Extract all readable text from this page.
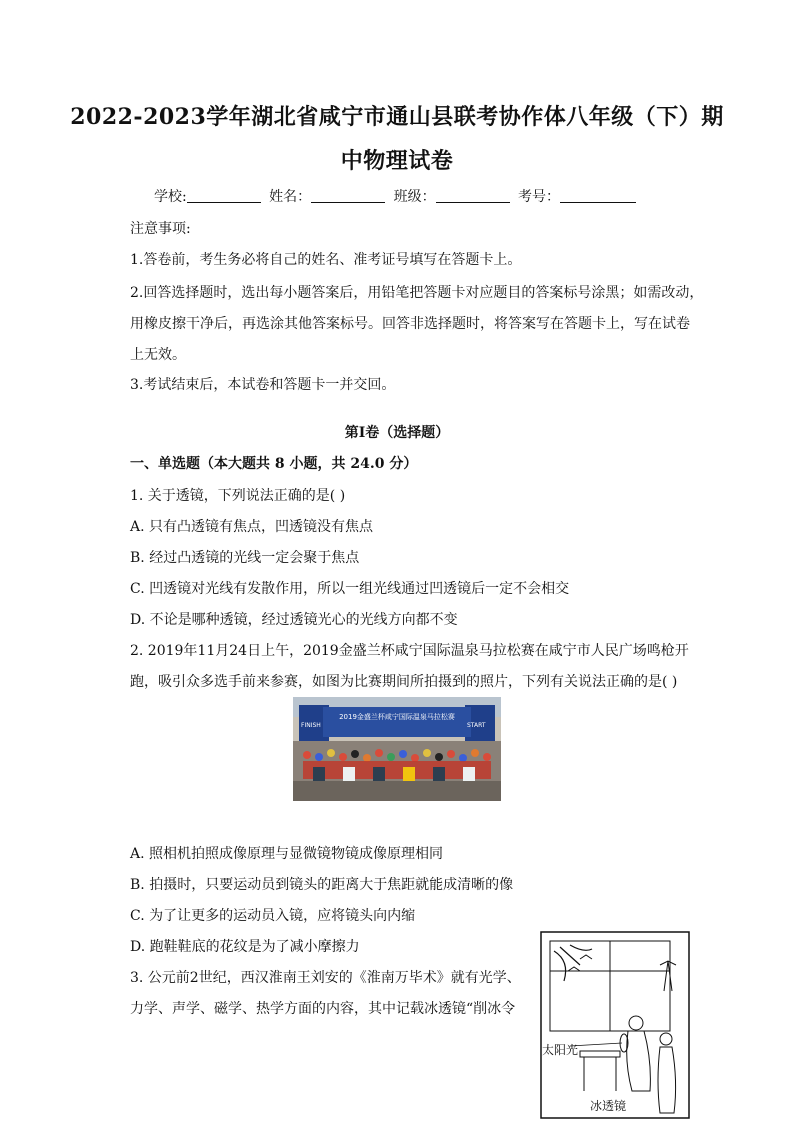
2022-2023学年湖北省咸宁市通山县联考协作体八年级（下）期
中物理试卷
学校:	姓名：	班级：	考号：
注意事项:
1.答卷前，考生务必将自己的姓名、准考证号填写在答题卡上。
2.回答选择题时，选出每小题答案后，用铅笔把答题卡对应题目的答案标号涂黑；如需改动，
用橡皮擦干净后，再选涂其他答案标号。回答非选择题时，将答案写在答题卡上，写在试卷
上无效。
3.考试结束后，本试卷和答题卡一并交回。
第I卷（选择题）
一、单选题（本大题共 8 小题，共 24.0 分）
1. 关于透镜，下列说法正确的是( )
A. 只有凸透镜有焦点，凹透镜没有焦点
B. 经过凸透镜的光线一定会聚于焦点
C. 凹透镜对光线有发散作用，所以一组光线通过凹透镜后一定不会相交
D. 不论是哪种透镜，经过透镜光心的光线方向都不变
2. 2019年11月24日上午，2019金盛兰杯咸宁国际温泉马拉松赛在咸宁市人民广场鸣枪开
跑，吸引众多选手前来参赛，如图为比赛期间所拍摄到的照片，下列有关说法正确的是( )
FINISH	START
2019金盛兰杯咸宁国际温泉马拉松赛
A. 照相机拍照成像原理与显微镜物镜成像原理相同
B. 拍摄时，只要运动员到镜头的距离大于焦距就能成清晰的像
C. 为了让更多的运动员入镜，应将镜头向内缩
D. 跑鞋鞋底的花纹是为了减小摩擦力
3. 公元前2世纪，西汉淮南王刘安的《淮南万毕术》就有光学、
力学、声学、磁学、热学方面的内容，其中记载冰透镜“削冰令
太阳光
冰透镜
